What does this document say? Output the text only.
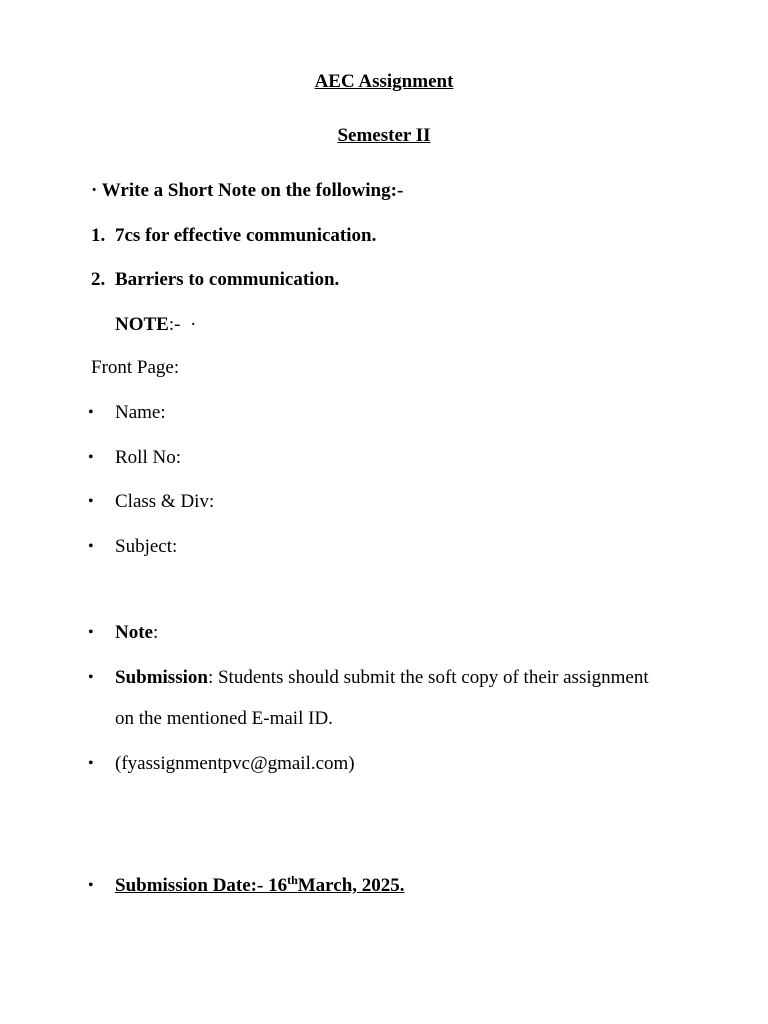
AEC Assignment
Semester II
· Write a Short Note on the following:-
1. 7cs for effective communication.
2. Barriers to communication.
NOTE:- ·
Front Page:
• Name:
• Roll No:
• Class & Div:
• Subject:
• Note:
• Submission: Students should submit the soft copy of their assignment
on the mentioned E-mail ID.
• (fyassignmentpvc@gmail.com)
• Submission Date:- 16thMarch, 2025.
